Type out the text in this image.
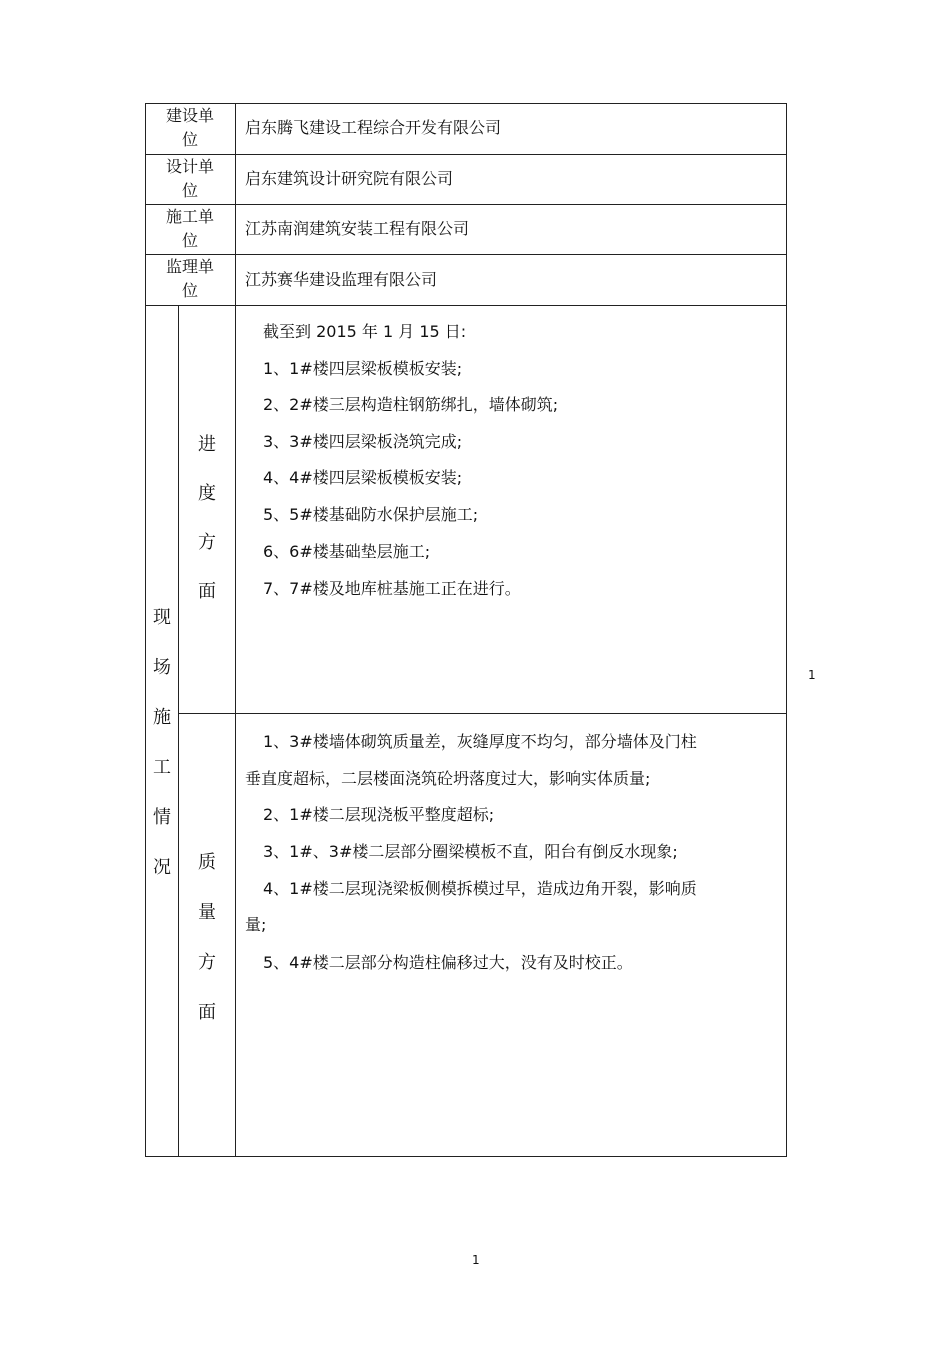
建设单
位
启东腾飞建设工程综合开发有限公司
设计单
位
启东建筑设计研究院有限公司
施工单
位
江苏南润建筑安装工程有限公司
监理单
位
江苏赛华建设监理有限公司
现
场
施
工
情
况
进
度
方
面
截至到 2015 年 1 月 15 日:
1、1#楼四层梁板模板安装;
2、2#楼三层构造柱钢筋绑扎，墙体砌筑;
3、3#楼四层梁板浇筑完成;
4、4#楼四层梁板模板安装;
5、5#楼基础防水保护层施工;
6、6#楼基础垫层施工;
7、7#楼及地库桩基施工正在进行。
质
量
方
面
1、3#楼墙体砌筑质量差，灰缝厚度不均匀，部分墙体及门柱
垂直度超标，二层楼面浇筑砼坍落度过大，影响实体质量;
2、1#楼二层现浇板平整度超标;
3、1#、3#楼二层部分圈梁模板不直，阳台有倒反水现象;
4、1#楼二层现浇梁板侧模拆模过早，造成边角开裂，影响质
量;
5、4#楼二层部分构造柱偏移过大，没有及时校正。
1
1
